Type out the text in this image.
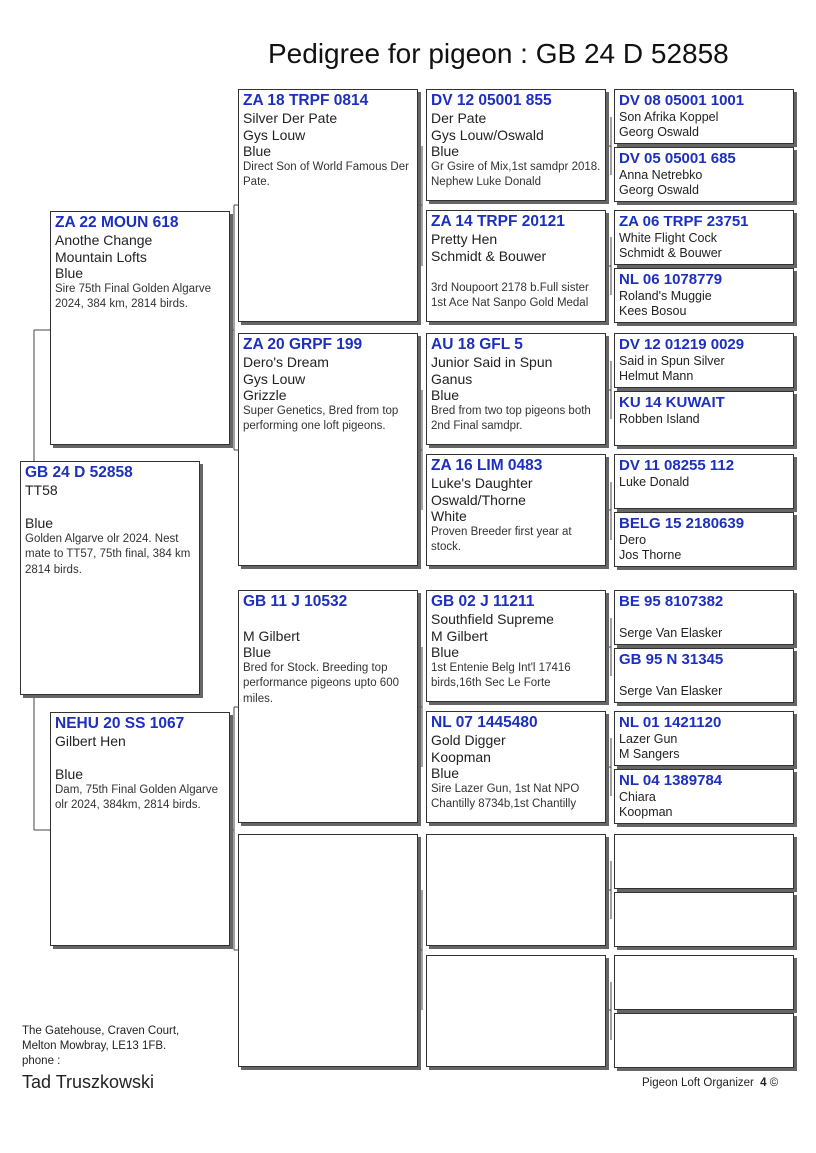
Pedigree for pigeon : GB 24 D 52858
GB 24 D 52858
TT58
Blue
Golden Algarve olr 2024. Nest mate to TT57, 75th final, 384 km 2814 birds.
ZA 22 MOUN 618
Anothe Change
Mountain Lofts
Blue
Sire 75th Final Golden Algarve 2024, 384 km, 2814 birds.
NEHU 20 SS 1067
Gilbert Hen
Blue
Dam, 75th Final Golden Algarve olr 2024, 384km, 2814 birds.
ZA 18 TRPF 0814
Silver Der Pate
Gys Louw
Blue
Direct Son of World Famous Der Pate.
ZA 20 GRPF 199
Dero's Dream
Gys Louw
Grizzle
Super Genetics, Bred from top performing one loft pigeons.
GB 11 J 10532
M Gilbert
Blue
Bred for Stock. Breeding top performance pigeons upto 600 miles.
DV 12 05001 855
Der Pate
Gys Louw/Oswald
Blue
Gr Gsire of Mix,1st samdpr 2018. Nephew Luke Donald
ZA 14 TRPF 20121
Pretty Hen
Schmidt & Bouwer
3rd Noupoort 2178 b.Full sister 1st Ace Nat Sanpo Gold Medal
AU 18 GFL 5
Junior Said in Spun
Ganus
Blue
Bred from two top pigeons both 2nd Final samdpr.
ZA 16 LIM 0483
Luke's Daughter
Oswald/Thorne
White
Proven Breeder first year at stock.
GB 02 J 11211
Southfield Supreme
M Gilbert
Blue
1st Entenie Belg Int'l 17416 birds,16th Sec Le Forte
NL 07 1445480
Gold Digger
Koopman
Blue
Sire Lazer Gun, 1st Nat NPO Chantilly 8734b,1st Chantilly
DV 08 05001 1001
Son Afrika Koppel
Georg Oswald
DV 05 05001 685
Anna Netrebko
Georg Oswald
ZA 06 TRPF 23751
White Flight Cock
Schmidt & Bouwer
NL 06 1078779
Roland's Muggie
Kees Bosou
DV 12 01219 0029
Said in Spun Silver
Helmut Mann
KU 14 KUWAIT
Robben Island
DV 11 08255 112
Luke Donald
BELG 15 2180639
Dero
Jos Thorne
BE 95 8107382
Serge Van Elasker
GB 95 N 31345
Serge Van Elasker
NL 01 1421120
Lazer Gun
M Sangers
NL 04 1389784
Chiara
Koopman
The Gatehouse, Craven Court,
Melton Mowbray, LE13 1FB.
phone :
Tad Truszkowski	Pigeon Loft Organizer 4 ©
